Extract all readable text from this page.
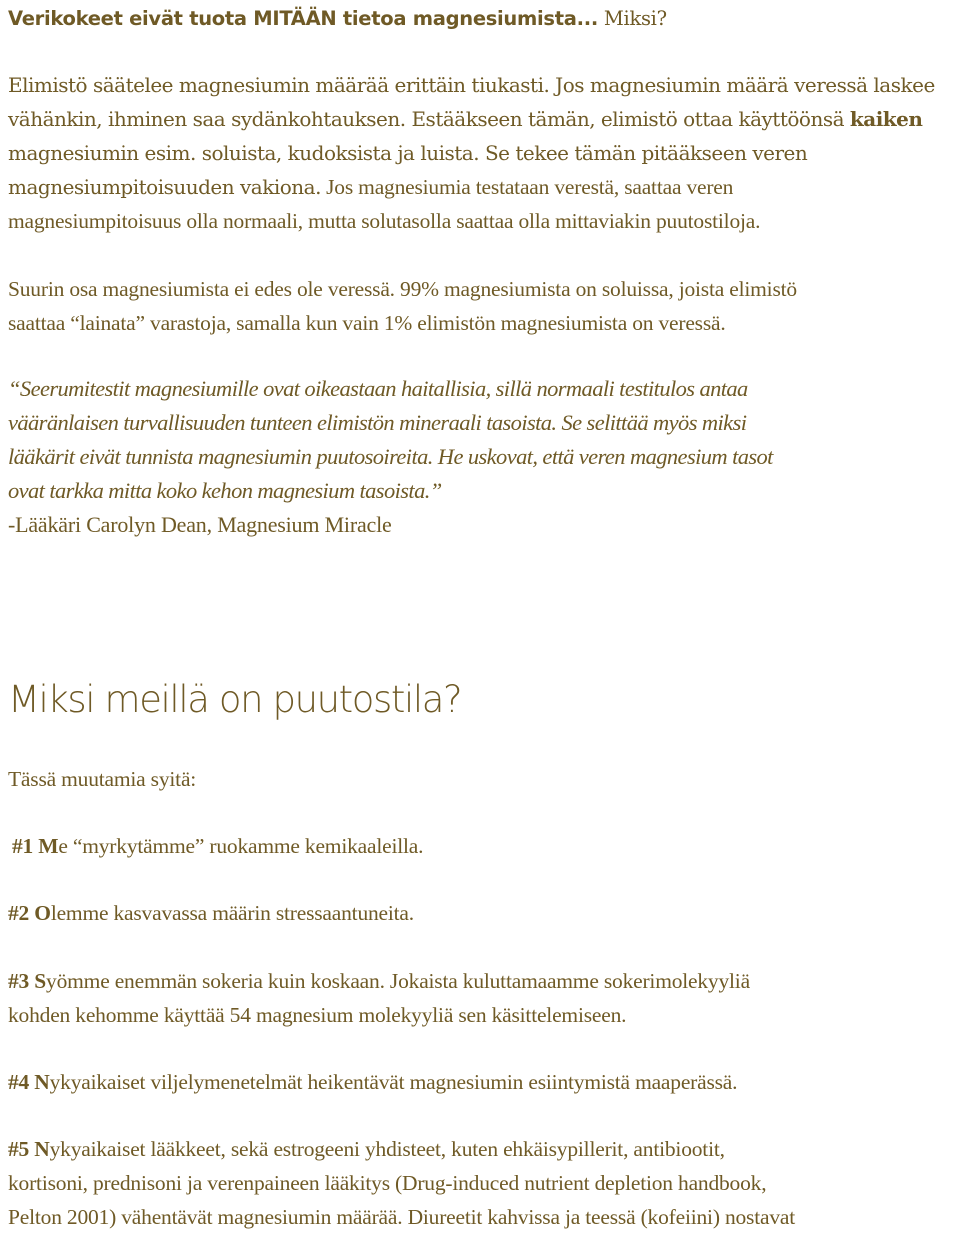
Verikokeet eivät tuota MITÄÄN tietoa magnesiumista... Miksi?
Elimistö säätelee magnesiumin määrää erittäin tiukasti. Jos magnesiumin määrä veressä laskee
vähänkin, ihminen saa sydänkohtauksen. Estääkseen tämän, elimistö ottaa käyttöönsä kaiken
magnesiumin esim. soluista, kudoksista ja luista. Se tekee tämän pitääkseen veren
magnesiumpitoisuuden vakiona. Jos magnesiumia testataan verestä, saattaa veren
magnesiumpitoisuus olla normaali, mutta solutasolla saattaa olla mittaviakin puutostiloja.
Suurin osa magnesiumista ei edes ole veressä. 99% magnesiumista on soluissa, joista elimistö
saattaa “lainata” varastoja, samalla kun vain 1% elimistön magnesiumista on veressä.
“Seerumitestit magnesiumille ovat oikeastaan haitallisia, sillä normaali testitulos antaa
vääränlaisen turvallisuuden tunteen elimistön mineraali tasoista. Se selittää myös miksi
lääkärit eivät tunnista magnesiumin puutosoireita. He uskovat, että veren magnesium tasot
ovat tarkka mitta koko kehon magnesium tasoista.”
-Lääkäri Carolyn Dean, Magnesium Miracle
Miksi meillä on puutostila?
Tässä muutamia syitä:
#1 Me “myrkytämme” ruokamme kemikaaleilla.
#2 Olemme kasvavassa määrin stressaantuneita.
#3 Syömme enemmän sokeria kuin koskaan. Jokaista kuluttamaamme sokerimolekyyliä
kohden kehomme käyttää 54 magnesium molekyyliä sen käsittelemiseen.
#4 Nykyaikaiset viljelymenetelmät heikentävät magnesiumin esiintymistä maaperässä.
#5 Nykyaikaiset lääkkeet, sekä estrogeeni yhdisteet, kuten ehkäisypillerit, antibiootit,
kortisoni, prednisoni ja verenpaineen lääkitys (Drug-induced nutrient depletion handbook,
Pelton 2001) vähentävät magnesiumin määrää. Diureetit kahvissa ja teessä (kofeiini) nostavat
